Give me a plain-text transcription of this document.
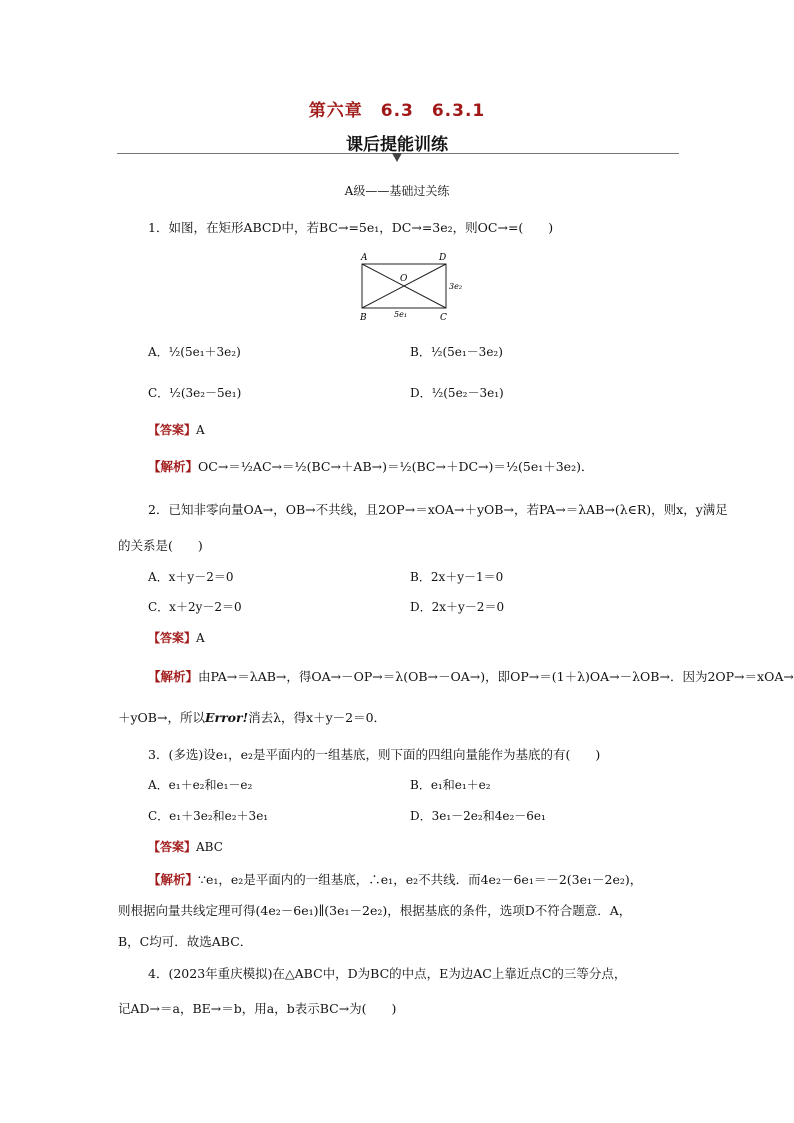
第六章　6.3　6.3.1
课后提能训练
A级——基础过关练
1．如图，在矩形ABCD中，若BC→=5e₁，DC→=3e₂，则OC→=(　　)
A	D
B	C
O
5e₁
3e₂
A．½(5e₁＋3e₂)	B．½(5e₁－3e₂)
C．½(3e₂－5e₁)	D．½(5e₂－3e₁)
【答案】A
【解析】OC→＝½AC→＝½(BC→＋AB→)＝½(BC→＋DC→)＝½(5e₁＋3e₂)．
2．已知非零向量OA→，OB→不共线，且2OP→＝xOA→＋yOB→，若PA→＝λAB→(λ∈R)，则x，y满足
的关系是(　　)
A．x＋y－2＝0	B．2x＋y－1＝0
C．x＋2y－2＝0	D．2x＋y－2＝0
【答案】A
【解析】由PA→＝λAB→，得OA→－OP→＝λ(OB→－OA→)，即OP→＝(1＋λ)OA→－λOB→．因为2OP→＝xOA→
＋yOB→，所以Error!消去λ，得x＋y－2＝0．
3．(多选)设e₁，e₂是平面内的一组基底，则下面的四组向量能作为基底的有(　　)
A．e₁＋e₂和e₁－e₂	B．e₁和e₁＋e₂
C．e₁＋3e₂和e₂＋3e₁	D．3e₁－2e₂和4e₂－6e₁
【答案】ABC
【解析】∵e₁，e₂是平面内的一组基底，∴e₁，e₂不共线．而4e₂－6e₁＝－2(3e₁－2e₂)，
则根据向量共线定理可得(4e₂－6e₁)∥(3e₁－2e₂)，根据基底的条件，选项D不符合题意．A，
B，C均可．故选ABC．
4．(2023年重庆模拟)在△ABC中，D为BC的中点，E为边AC上靠近点C的三等分点，
记AD→＝a，BE→＝b，用a，b表示BC→为(　　)
